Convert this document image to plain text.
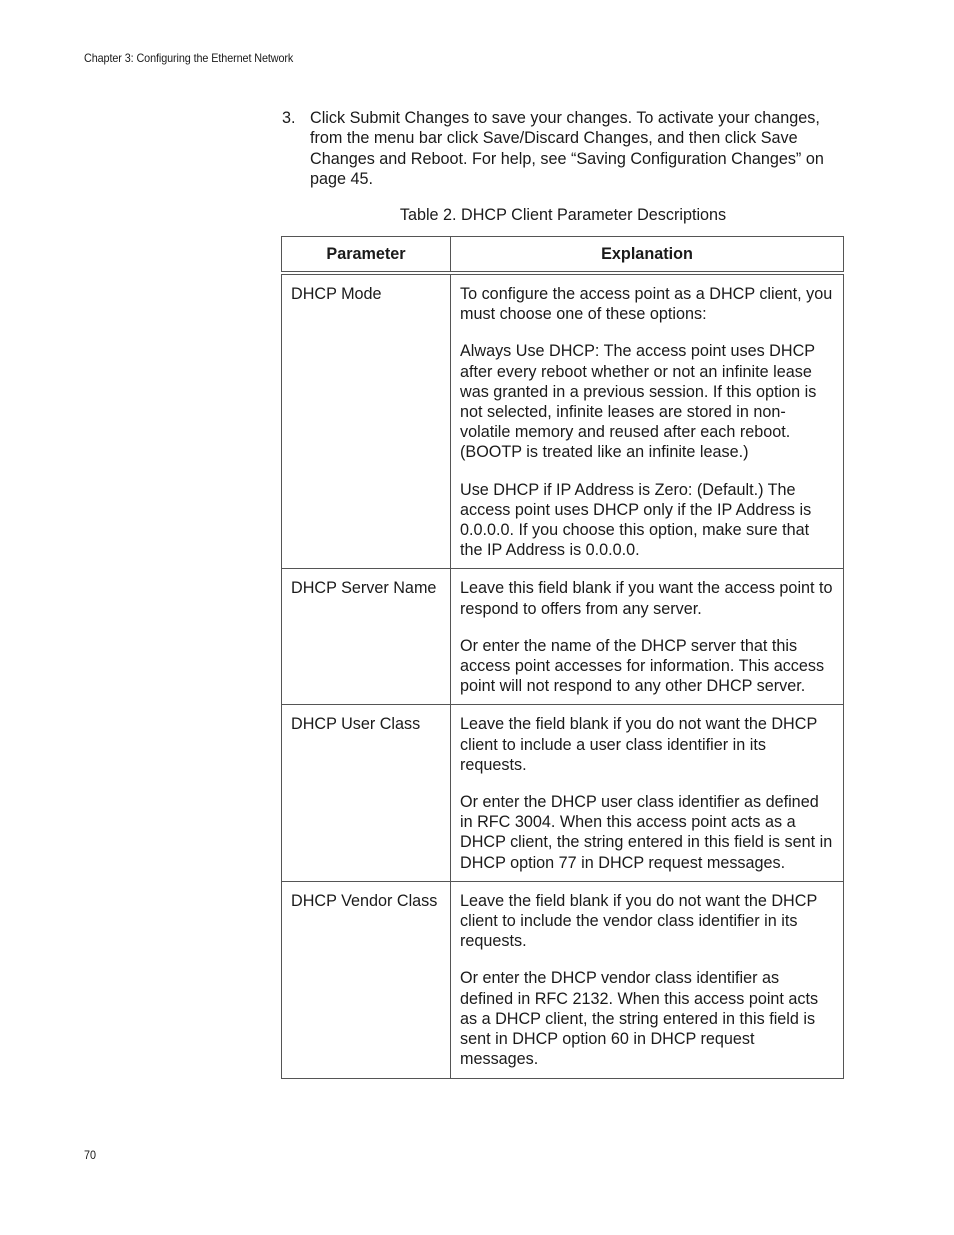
Chapter 3: Configuring the Ethernet Network
3. Click Submit Changes to save your changes. To activate your changes, from the menu bar click Save/Discard Changes, and then click Save Changes and Reboot. For help, see “Saving Configuration Changes” on page 45.
Table 2. DHCP Client Parameter Descriptions
Parameter	Explanation
DHCP Mode	To configure the access point as a DHCP client, you must choose one of these options:

Always Use DHCP: The access point uses DHCP after every reboot whether or not an infinite lease was granted in a previous session. If this option is not selected, infinite leases are stored in non-volatile memory and reused after each reboot. (BOOTP is treated like an infinite lease.)

Use DHCP if IP Address is Zero: (Default.) The access point uses DHCP only if the IP Address is 0.0.0.0. If you choose this option, make sure that the IP Address is 0.0.0.0.

DHCP Server Name	Leave this field blank if you want the access point to respond to offers from any server.

Or enter the name of the DHCP server that this access point accesses for information. This access point will not respond to any other DHCP server.

DHCP User Class	Leave the field blank if you do not want the DHCP client to include a user class identifier in its requests.

Or enter the DHCP user class identifier as defined in RFC 3004. When this access point acts as a DHCP client, the string entered in this field is sent in DHCP option 77 in DHCP request messages.

DHCP Vendor Class	Leave the field blank if you do not want the DHCP client to include the vendor class identifier in its requests.

Or enter the DHCP vendor class identifier as defined in RFC 2132. When this access point acts as a DHCP client, the string entered in this field is sent in DHCP option 60 in DHCP request messages.

70
